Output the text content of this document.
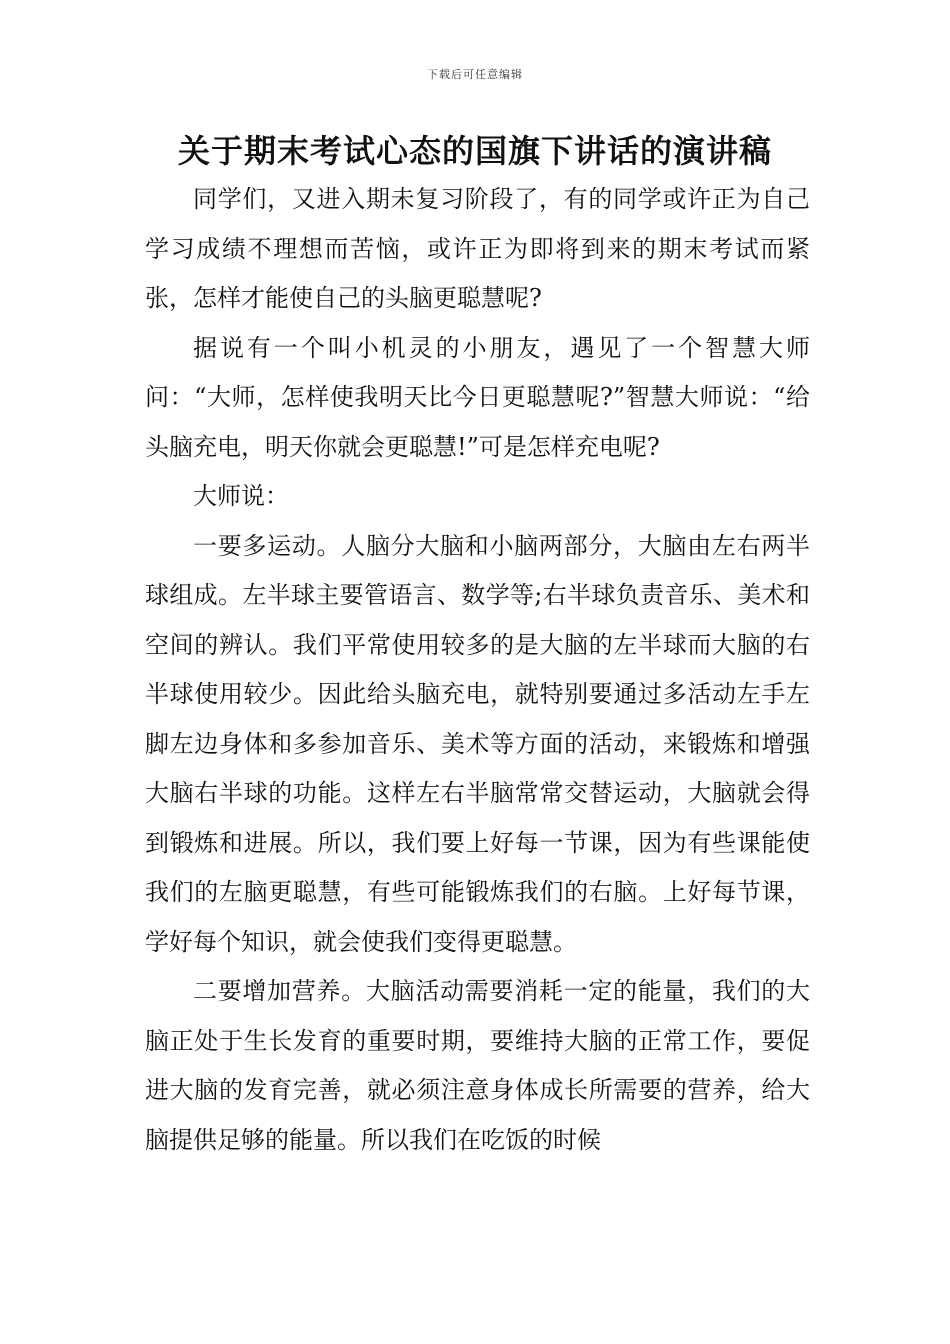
下载后可任意编辑
关于期末考试心态的国旗下讲话的演讲稿

同学们，又进入期未复习阶段了，有的同学或许正为自己学习成绩不理想而苦恼，或许正为即将到来的期末考试而紧张，怎样才能使自己的头脑更聪慧呢?

据说有一个叫小机灵的小朋友，遇见了一个智慧大师问：“大师，怎样使我明天比今日更聪慧呢?”智慧大师说：“给头脑充电，明天你就会更聪慧!”可是怎样充电呢?

大师说：

一要多运动。人脑分大脑和小脑两部分，大脑由左右两半球组成。左半球主要管语言、数学等;右半球负责音乐、美术和空间的辨认。我们平常使用较多的是大脑的左半球而大脑的右半球使用较少。因此给头脑充电，就特别要通过多活动左手左脚左边身体和多参加音乐、美术等方面的活动，来锻炼和增强大脑右半球的功能。这样左右半脑常常交替运动，大脑就会得到锻炼和进展。所以，我们要上好每一节课，因为有些课能使我们的左脑更聪慧，有些可能锻炼我们的右脑。上好每节课，学好每个知识，就会使我们变得更聪慧。

二要增加营养。大脑活动需要消耗一定的能量，我们的大脑正处于生长发育的重要时期，要维持大脑的正常工作，要促进大脑的发育完善，就必须注意身体成长所需要的营养，给大脑提供足够的能量。所以我们在吃饭的时候
